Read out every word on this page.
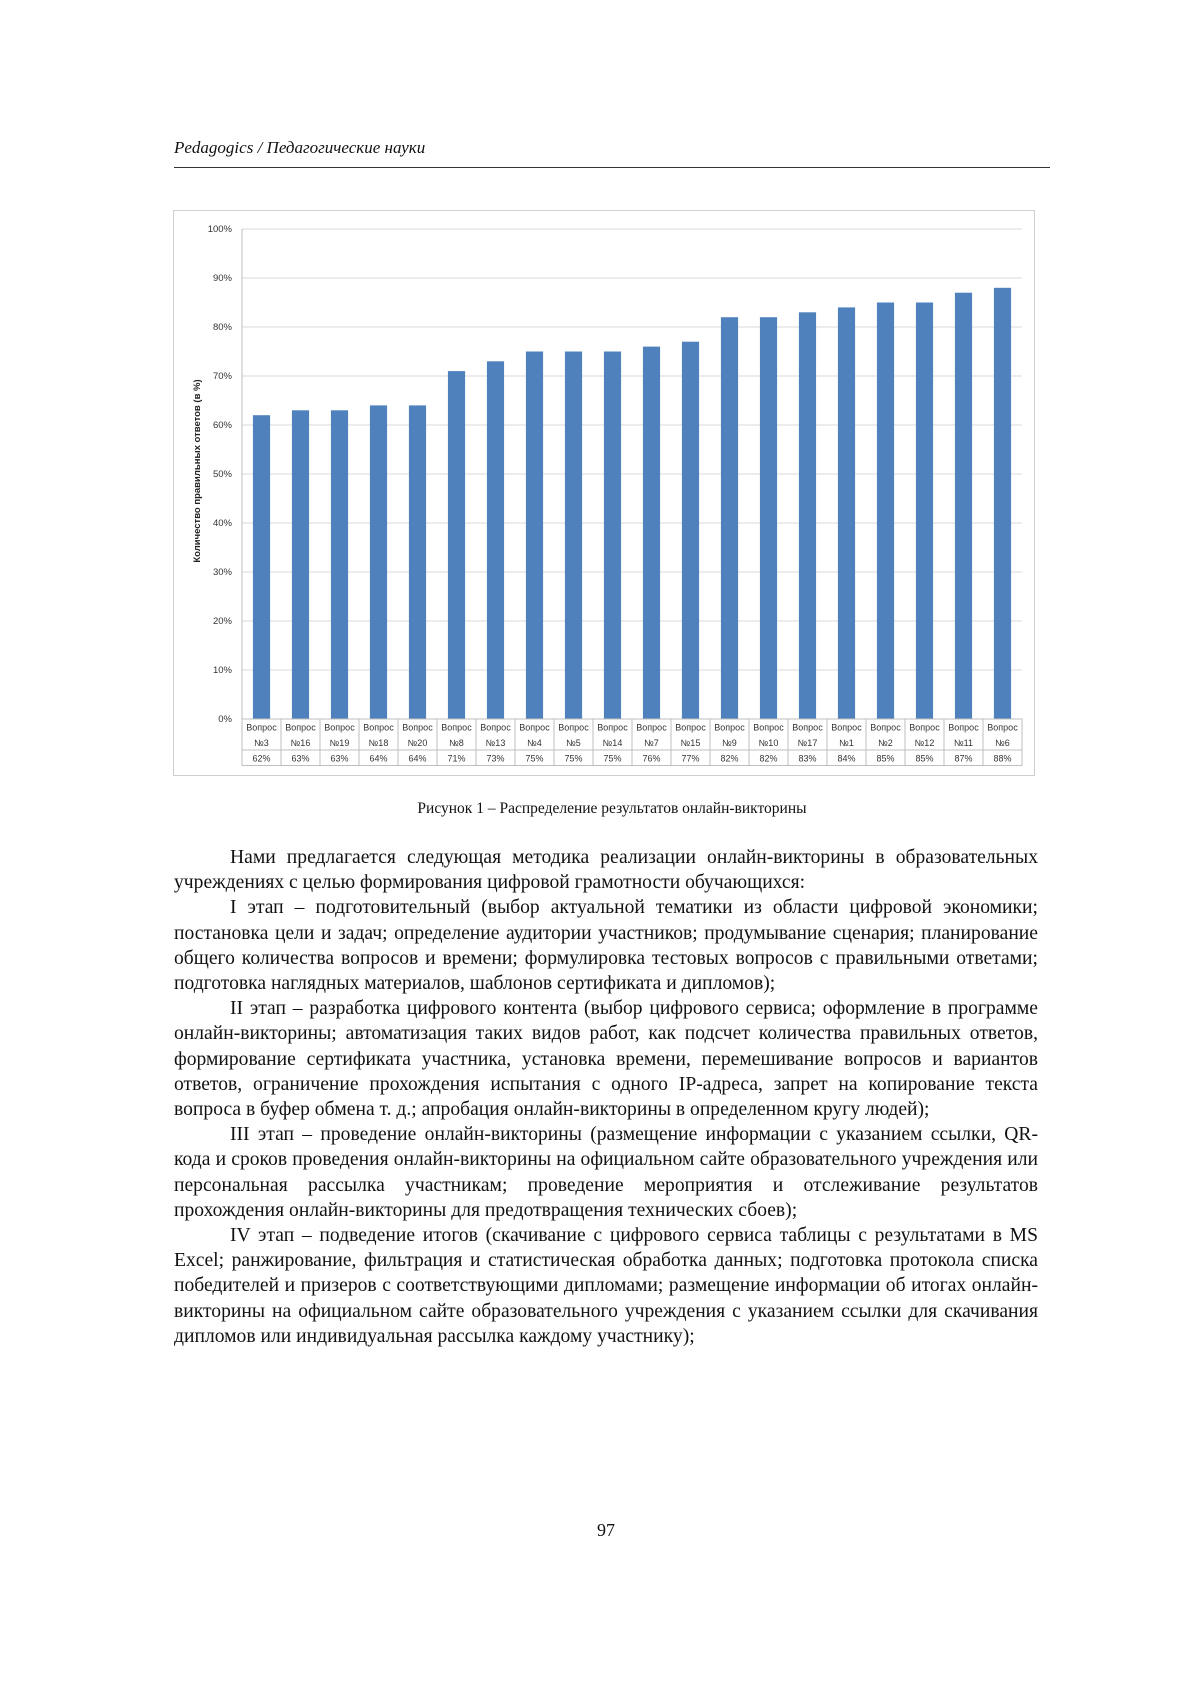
Pedagogics / Педагогические науки
Количество правильных ответов (в %)
0%
10%
20%
30%
40%
50%
60%
70%
80%
90%
100%
Вопрос
№3
62%
Вопрос
№16
63%
Вопрос
№19
63%
Вопрос
№18
64%
Вопрос
№20
64%
Вопрос
№8
71%
Вопрос
№13
73%
Вопрос
№4
75%
Вопрос
№5
75%
Вопрос
№14
75%
Вопрос
№7
76%
Вопрос
№15
77%
Вопрос
№9
82%
Вопрос
№10
82%
Вопрос
№17
83%
Вопрос
№1
84%
Вопрос
№2
85%
Вопрос
№12
85%
Вопрос
№11
87%
Вопрос
№6
88%
Рисунок 1 – Распределение результатов онлайн-викторины

Нами предлагается следующая методика реализации онлайн-викторины в образовательных учреждениях с целью формирования цифровой грамотности обучающихся:

I этап – подготовительный (выбор актуальной тематики из области цифровой экономики; постановка цели и задач; определение аудитории участников; продумывание сценария; планирование общего количества вопросов и времени; формулировка тестовых вопросов с правильными ответами; подготовка наглядных материалов, шаблонов сертификата и дипломов);

II этап – разработка цифрового контента (выбор цифрового сервиса; оформление в программе онлайн-викторины; автоматизация таких видов работ, как подсчет количества правильных ответов, формирование сертификата участника, установка времени, перемешивание вопросов и вариантов ответов, ограничение прохождения испытания с одного IP-адреса, запрет на копирование текста вопроса в буфер обмена т. д.; апробация онлайн-викторины в определенном кругу людей);

III этап – проведение онлайн-викторины (размещение информации с указанием ссылки, QR-кода и сроков проведения онлайн-викторины на официальном сайте образовательного учреждения или персональная рассылка участникам; проведение мероприятия и отслеживание результатов прохождения онлайн-викторины для предотвращения технических сбоев);

IV этап – подведение итогов (скачивание с цифрового сервиса таблицы с результатами в MS Excel; ранжирование, фильтрация и статистическая обработка данных; подготовка протокола списка победителей и призеров с соответствующими дипломами; размещение информации об итогах онлайн-викторины на официальном сайте образовательного учреждения с указанием ссылки для скачивания дипломов или индивидуальная рассылка каждому участнику);

97
